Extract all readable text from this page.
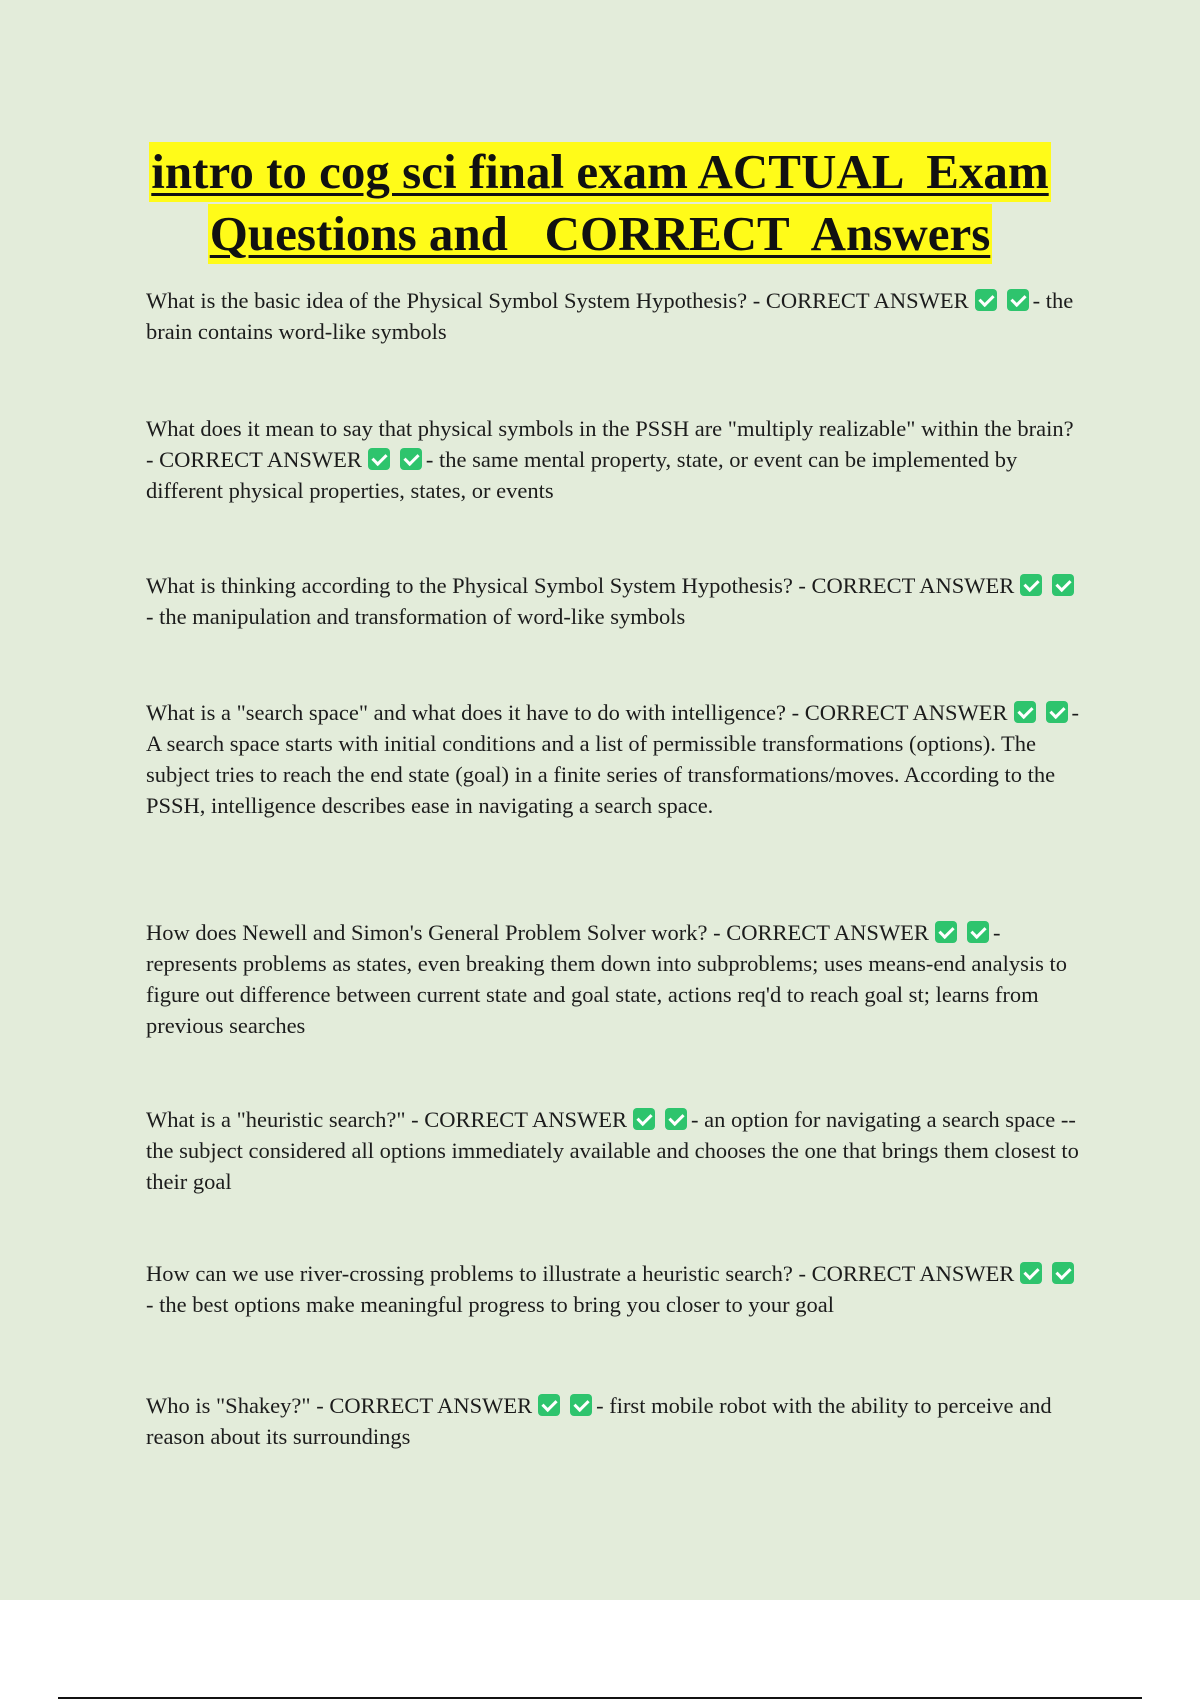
intro to cog sci final exam ACTUAL  Exam
Questions and   CORRECT  Answers

What is the basic idea of the Physical Symbol System Hypothesis? - CORRECT ANSWER	- the brain contains word-like symbols

What does it mean to say that physical symbols in the PSSH are "multiply realizable" within the brain? - CORRECT ANSWER	- the same mental property, state, or event can be implemented by different physical properties, states, or events

What is thinking according to the Physical Symbol System Hypothesis? - CORRECT ANSWER- the manipulation and transformation of word-like symbols

What is a "search space" and what does it have to do with intelligence? - CORRECT ANSWER	- A search space starts with initial conditions and a list of permissible transformations (options). The subject tries to reach the end state (goal) in a finite series of transformations/moves. According to the PSSH, intelligence describes ease in navigating a search space.

How does Newell and Simon's General Problem Solver work? - CORRECT ANSWER	- represents problems as states, even breaking them down into subproblems; uses means-end analysis to figure out difference between current state and goal state, actions req'd to reach goal st; learns from previous searches

What is a "heuristic search?" - CORRECT ANSWER	- an option for navigating a search space -- the subject considered all options immediately available and chooses the one that brings them closest to their goal

How can we use river-crossing problems to illustrate a heuristic search? - CORRECT ANSWER- the best options make meaningful progress to bring you closer to your goal

Who is "Shakey?" - CORRECT ANSWER	- first mobile robot with the ability to perceive and reason about its surroundings
